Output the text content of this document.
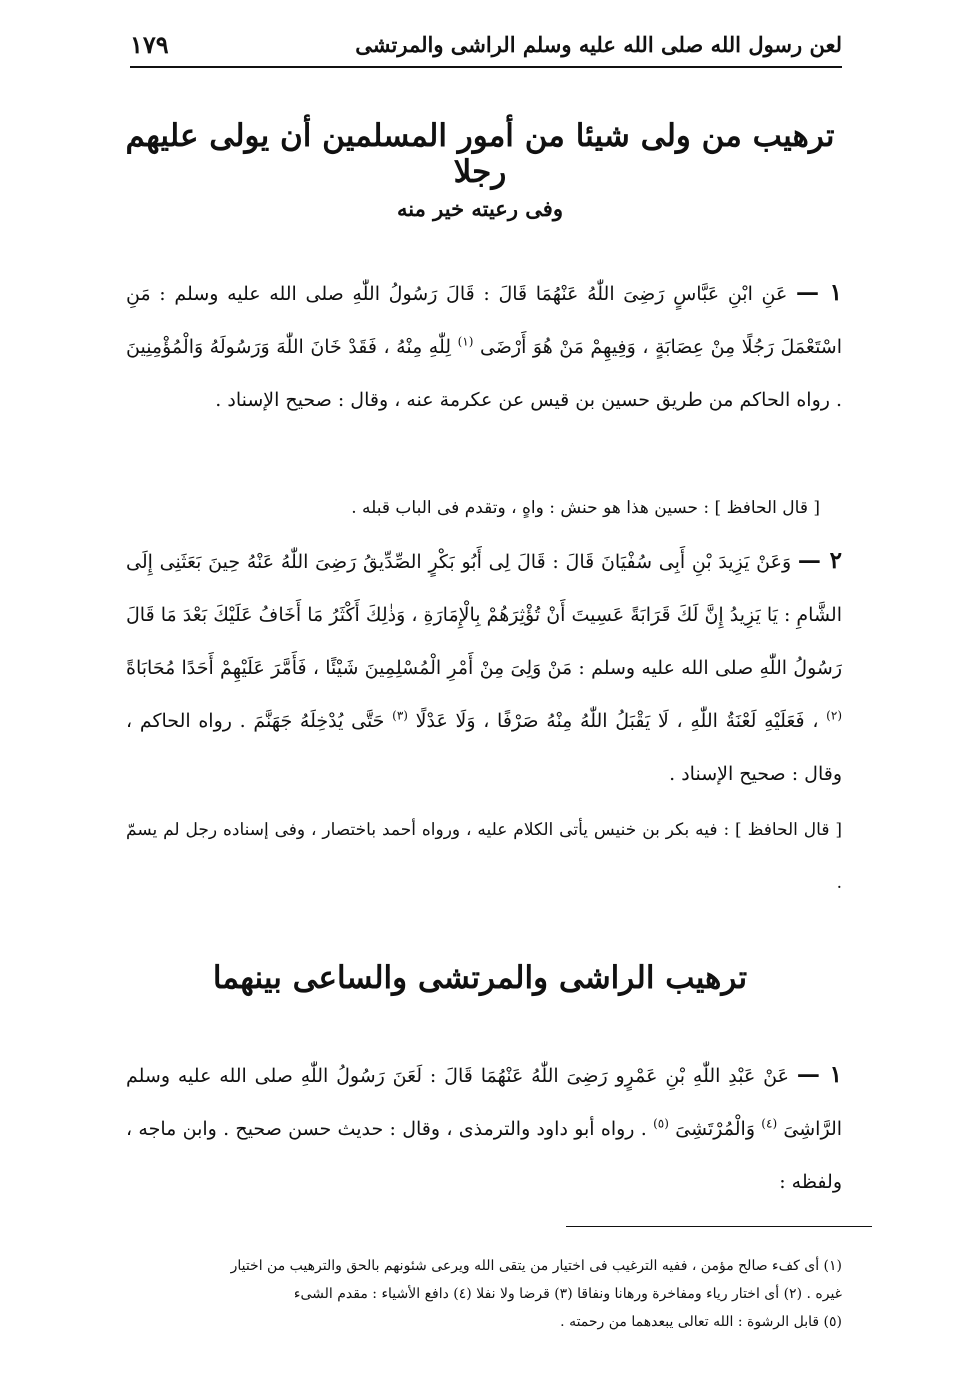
لعن رسول الله صلى الله عليه وسلم الراشى والمرتشى
١٧٩
ترهيب من ولى شيئا من أمور المسلمين أن يولى عليهم رجلا
وفى رعيته خير منه

١ — عَنِ ابْنِ عَبَّاسٍ رَضِىَ اللّٰهُ عَنْهُمَا قَالَ : قَالَ رَسُولُ اللّٰهِ صلى الله عليه وسلم : مَنِ اسْتَعْمَلَ رَجُلًا مِنْ عِصَابَةٍ ، وَفِيهِمْ مَنْ هُوَ أَرْضَى $^{(١)}$ لِلّٰهِ مِنْهُ ، فَقَدْ خَانَ اللّٰهَ وَرَسُولَهُ وَالْمُؤْمِنِينَ . رواه الحاكم من طريق حسين بن قيس عن عكرمة عنه ، وقال : صحيح الإسناد .

[ قال الحافظ ] : حسين هذا هو حنش : واهٍ ، وتقدم فى الباب قبله .

٢ — وَعَنْ يَزِيدَ بْنِ أَبِى سُفْيَانَ قَالَ : قَالَ لِى أَبُو بَكْرٍ الصِّدِّيقُ رَضِىَ اللّٰهُ عَنْهُ حِينَ بَعَثَنِى إِلَى الشَّامِ : يَا يَزِيدُ إِنَّ لَكَ قَرَابَةً عَسِيتَ أَنْ تُؤْثِرَهُمْ بِالْإِمَارَةِ ، وَذٰلِكَ أَكْثَرُ مَا أَخَافُ عَلَيْكَ بَعْدَ مَا قَالَ رَسُولُ اللّٰهِ صلى الله عليه وسلم : مَنْ وَلِىَ مِنْ أَمْرِ الْمُسْلِمِينَ شَيْئًا ، فَأَمَّرَ عَلَيْهِمْ أَحَدًا مُحَابَاةً $^{(٢)}$ ، فَعَلَيْهِ لَعْنَةُ اللّٰهِ ، لَا يَقْبَلُ اللّٰهُ مِنْهُ صَرْفًا ، وَلَا عَدْلًا $^{(٣)}$ حَتَّى يُدْخِلَهُ جَهَنَّمَ . رواه الحاكم ، وقال : صحيح الإسناد .

[ قال الحافظ ] : فيه بكر بن خنيس يأتى الكلام عليه ، ورواه أحمد باختصار ، وفى إسناده رجل لم يسمّ .
ترهيب الراشى والمرتشى والساعى بينهما

١ — عَنْ عَبْدِ اللّٰهِ بْنِ عَمْرٍو رَضِىَ اللّٰهُ عَنْهُمَا قَالَ : لَعَنَ رَسُولُ اللّٰهِ صلى الله عليه وسلم الرَّاشِىَ $^{(٤)}$ وَالْمُرْتَشِىَ $^{(٥)}$ . رواه أبو داود والترمذى ، وقال : حديث حسن صحيح . وابن ماجه ، ولفظه :

(١) أى كفء صالح مؤمن ، ففيه الترغيب فى اختيار من يتقى الله ويرعى شئونهم بالحق والترهيب من اختيار
غيره . (٢) أى اختار رياء ومفاخرة ورهانا ونفاقا (٣) قرضا ولا نفلا (٤) دافع الأشياء : مقدم الشىء
(٥) قابل الرشوة : الله تعالى يبعدهما من رحمته .
